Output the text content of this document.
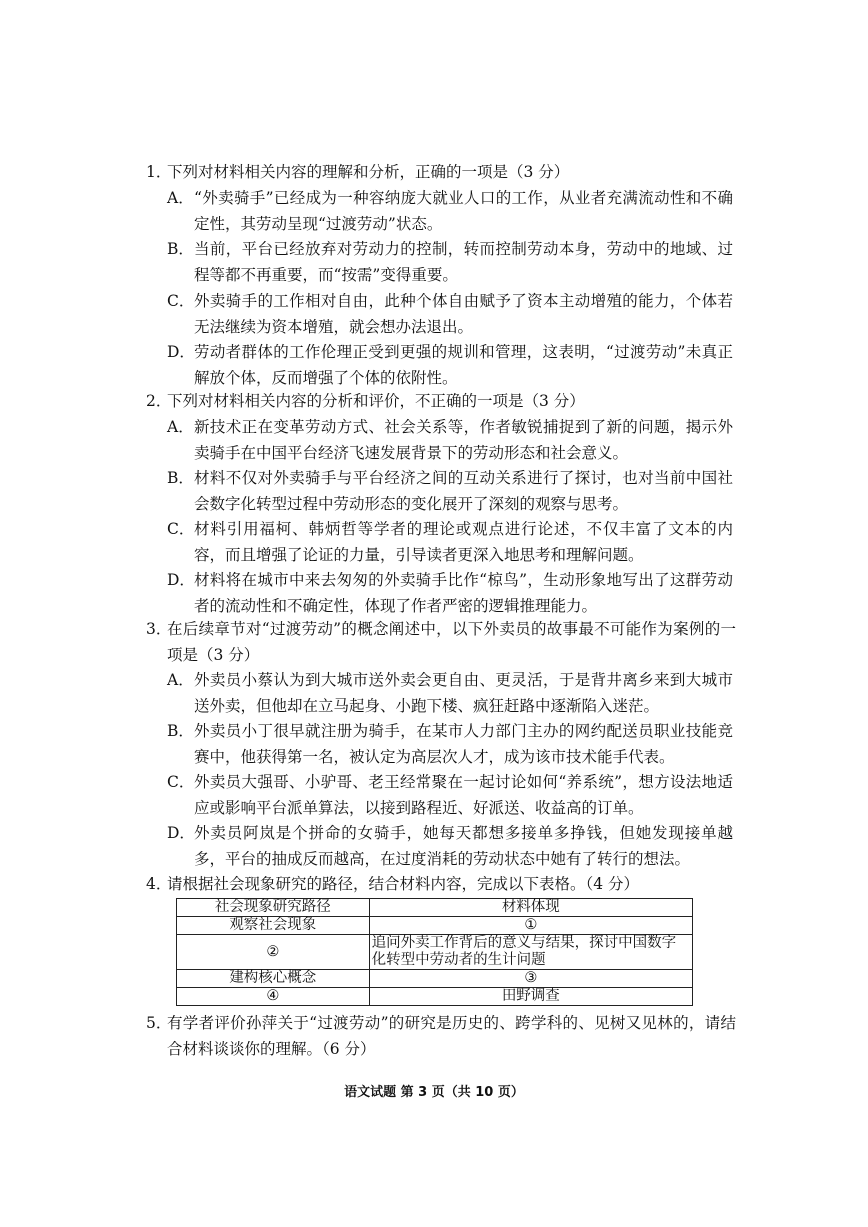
1．
下列对材料相关内容的理解和分析，正确的一项是（3 分）
A． “外卖骑手”已经成为一种容纳庞大就业人口的工作，从业者充满流动性和不确定性，其劳动呈现“过渡劳动”状态。
B． 当前，平台已经放弃对劳动力的控制，转而控制劳动本身，劳动中的地域、过程等都不再重要，而“按需”变得重要。
C． 外卖骑手的工作相对自由，此种个体自由赋予了资本主动增殖的能力，个体若无法继续为资本增殖，就会想办法退出。
D． 劳动者群体的工作伦理正受到更强的规训和管理，这表明，“过渡劳动”未真正解放个体，反而增强了个体的依附性。
2．
下列对材料相关内容的分析和评价，不正确的一项是（3 分）
A． 新技术正在变革劳动方式、社会关系等，作者敏锐捕捉到了新的问题，揭示外卖骑手在中国平台经济飞速发展背景下的劳动形态和社会意义。
B． 材料不仅对外卖骑手与平台经济之间的互动关系进行了探讨，也对当前中国社会数字化转型过程中劳动形态的变化展开了深刻的观察与思考。
C． 材料引用福柯、韩炳哲等学者的理论或观点进行论述，不仅丰富了文本的内容，而且增强了论证的力量，引导读者更深入地思考和理解问题。
D． 材料将在城市中来去匆匆的外卖骑手比作“椋鸟”，生动形象地写出了这群劳动者的流动性和不确定性，体现了作者严密的逻辑推理能力。
3．
在后续章节对“过渡劳动”的概念阐述中，以下外卖员的故事最不可能作为案例的一项是（3 分）
A． 外卖员小蔡认为到大城市送外卖会更自由、更灵活，于是背井离乡来到大城市送外卖，但他却在立马起身、小跑下楼、疯狂赶路中逐渐陷入迷茫。
B． 外卖员小丁很早就注册为骑手，在某市人力部门主办的网约配送员职业技能竞赛中，他获得第一名，被认定为高层次人才，成为该市技术能手代表。
C． 外卖员大强哥、小驴哥、老王经常聚在一起讨论如何“养系统”，想方设法地适应或影响平台派单算法，以接到路程近、好派送、收益高的订单。
D． 外卖员阿岚是个拼命的女骑手，她每天都想多接单多挣钱，但她发现接单越多，平台的抽成反而越高，在过度消耗的劳动状态中她有了转行的想法。
4．
请根据社会现象研究的路径，结合材料内容，完成以下表格。（4 分）
社会现象研究路径	材料体现
观察社会现象	①
②	追问外卖工作背后的意义与结果，探讨中国数字化转型中劳动者的生计问题
建构核心概念	③
④	田野调查
5．
有学者评价孙萍关于“过渡劳动”的研究是历史的、跨学科的、见树又见林的，请结合材料谈谈你的理解。（6 分）
语文试题 第 3 页（共 10 页）
